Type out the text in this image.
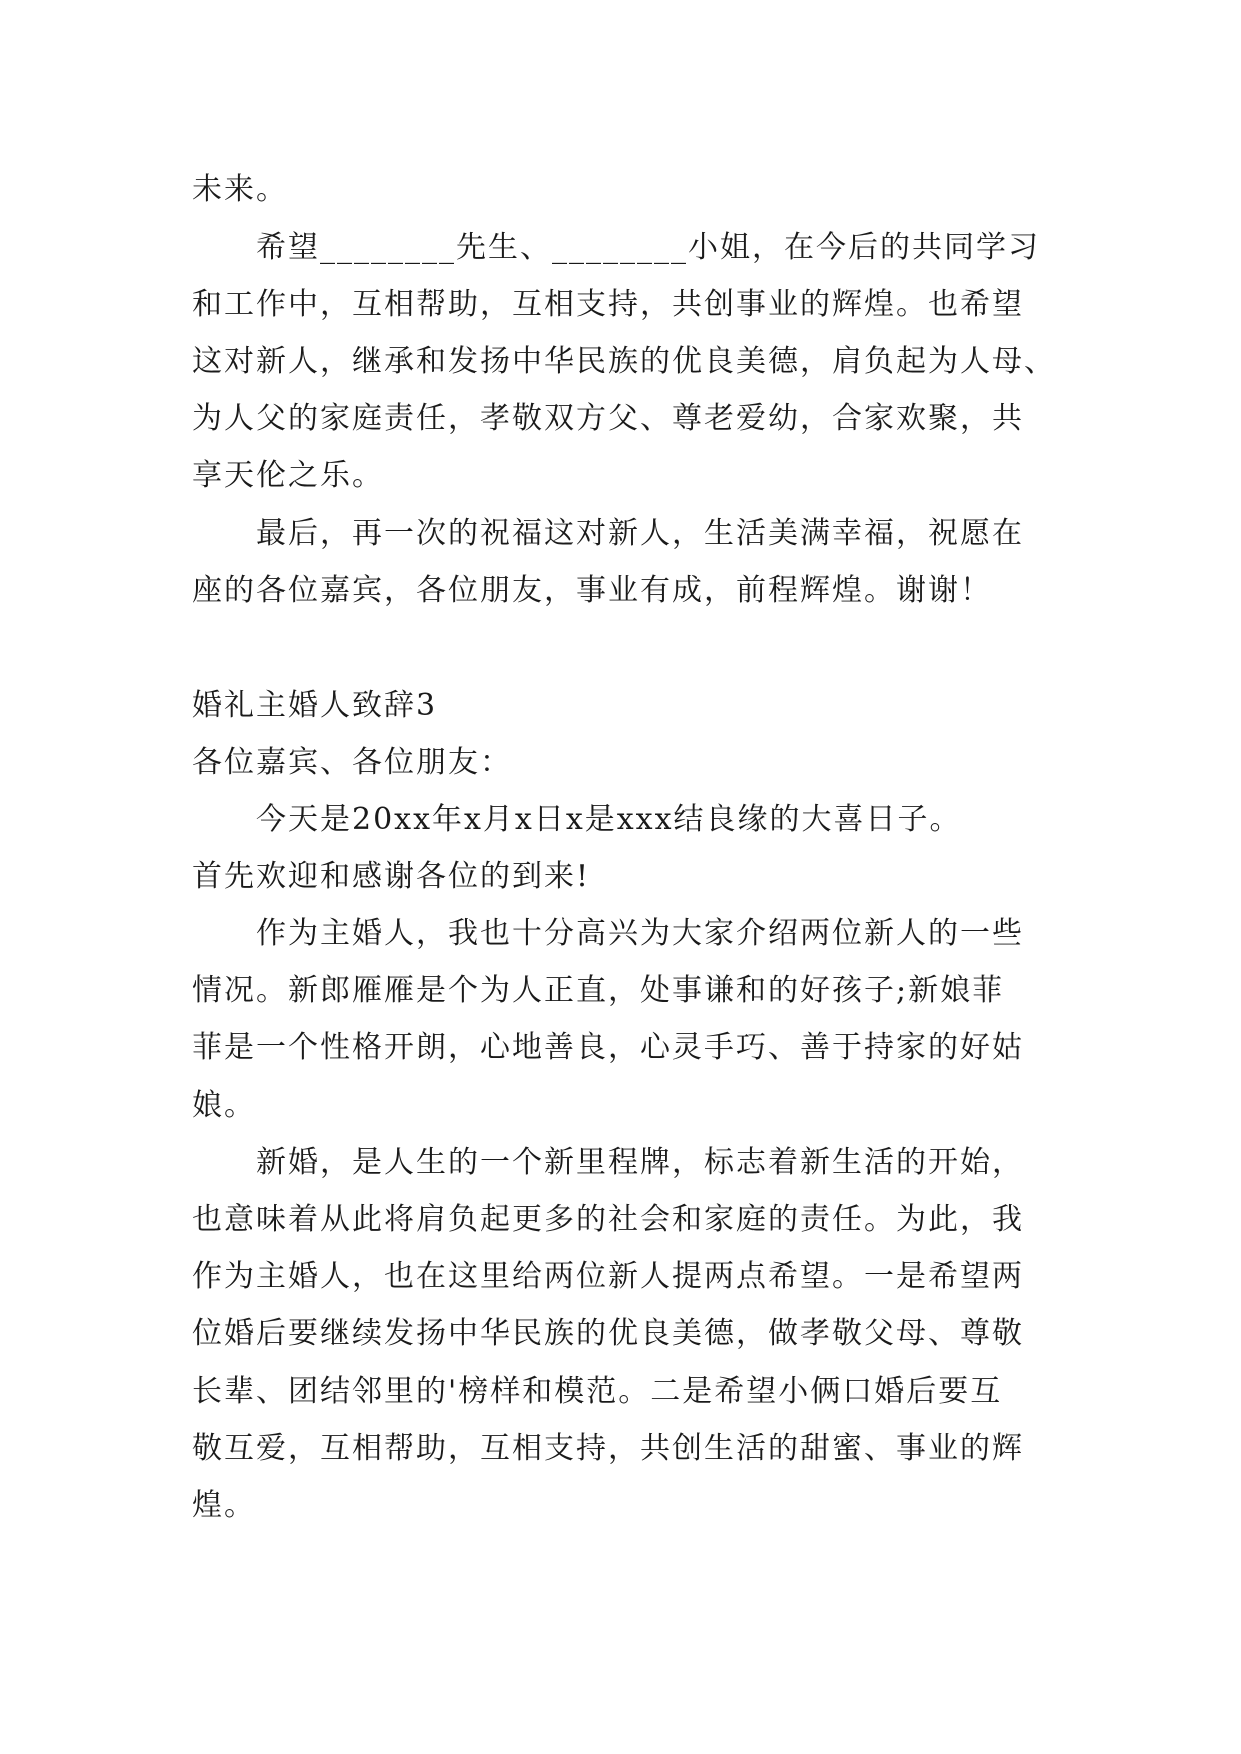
未来。
希望________先生、________小姐，在今后的共同学习
和工作中，互相帮助，互相支持，共创事业的辉煌。也希望
这对新人，继承和发扬中华民族的优良美德，肩负起为人母、
为人父的家庭责任，孝敬双方父、尊老爱幼，合家欢聚，共
享天伦之乐。
最后，再一次的祝福这对新人，生活美满幸福，祝愿在
座的各位嘉宾，各位朋友，事业有成，前程辉煌。谢谢！
婚礼主婚人致辞3
各位嘉宾、各位朋友：
今天是20xx年x月x日x是xxx结良缘的大喜日子。
首先欢迎和感谢各位的到来!
作为主婚人，我也十分高兴为大家介绍两位新人的一些
情况。新郎雁雁是个为人正直，处事谦和的好孩子;新娘菲
菲是一个性格开朗，心地善良，心灵手巧、善于持家的好姑
娘。
新婚，是人生的一个新里程牌，标志着新生活的开始，
也意味着从此将肩负起更多的社会和家庭的责任。为此，我
作为主婚人，也在这里给两位新人提两点希望。一是希望两
位婚后要继续发扬中华民族的优良美德，做孝敬父母、尊敬
长辈、团结邻里的'榜样和模范。二是希望小俩口婚后要互
敬互爱，互相帮助，互相支持，共创生活的甜蜜、事业的辉
煌。
